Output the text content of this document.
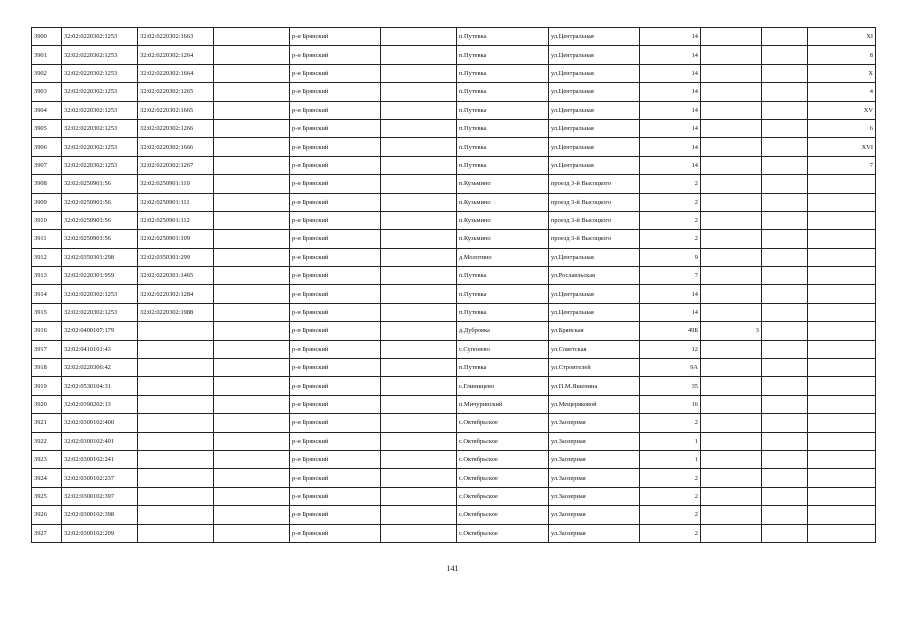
3900	32:02:0220302:1253	32:02:0220302:1663		р-н Брянский		п.Путевка	ул.Центральная	14			XI
3901	32:02:0220302:1253	32:02:0220302:1264		р-н Брянский		п.Путевка	ул.Центральная	14			8
3902	32:02:0220302:1253	32:02:0220302:1664		р-н Брянский		п.Путевка	ул.Центральная	14			X
3903	32:02:0220302:1253	32:02:0220302:1265		р-н Брянский		п.Путевка	ул.Центральная	14			4
3904	32:02:0220302:1253	32:02:0220302:1665		р-н Брянский		п.Путевка	ул.Центральная	14			XV
3905	32:02:0220302:1253	32:02:0220302:1266		р-н Брянский		п.Путевка	ул.Центральная	14			6
3906	32:02:0220302:1253	32:02:0220302:1666		р-н Брянский		п.Путевка	ул.Центральная	14			XVI
3907	32:02:0220302:1253	32:02:0220302:1267		р-н Брянский		п.Путевка	ул.Центральная	14			7
3908	32:02:0250901:56	32:02:0250901:110		р-н Брянский		п.Кузьмино	проезд 3-й Высоцкого	2			
3909	32:02:0250901:56	32:02:0250901:111		р-н Брянский		п.Кузьмино	проезд 3-й Высоцкого	2			
3910	32:02:0250901:56	32:02:0250901:112		р-н Брянский		п.Кузьмино	проезд 3-й Высоцкого	2			
3911	32:02:0250901:56	32:02:0250901:109		р-н Брянский		п.Кузьмино	проезд 3-й Высоцкого	2			
3912	32:02:0350301:298	32:02:0350301:299		р-н Брянский		д.Молотино	ул.Центральная	9			
3913	32:02:0220301:959	32:02:0220301:1465		р-н Брянский		п.Путевка	ул.Рославльская	7			
3914	32:02:0220302:1253	32:02:0220302:1284		р-н Брянский		п.Путевка	ул.Центральная	14			
3915	32:02:0220302:1253	32:02:0220302:1988		р-н Брянский		п.Путевка	ул.Центральная	14			
3916	32:02:0400107:179			р-н Брянский		д.Дубровка	ул.Брянская	49Б	3		
3917	32:02:0410101:43			р-н Брянский		с.Супонево	ул.Советская	12			
3918	32:02:0220306:42			р-н Брянский		п.Путевка	ул.Строителей	9А			
3919	32:02:0530104:31			р-н Брянский		с.Глинищево	ул.П.М.Яшенина	35			
3920	32:02:0390202:13			р-н Брянский		п.Мичуринский	ул.Мещеряковой	16			
3921	32:02:0300102:400			р-н Брянский		с.Октябрьское	ул.Заозерная	2			
3922	32:02:0300102:401			р-н Брянский		с.Октябрьское	ул.Заозерная	1			
3923	32:02:0300102:241			р-н Брянский		с.Октябрьское	ул.Заозерная	1			
3924	32:02:0300102:237			р-н Брянский		с.Октябрьское	ул.Заозерная	2			
3925	32:02:0300102:397			р-н Брянский		с.Октябрьское	ул.Заозерная	2			
3926	32:02:0300102:398			р-н Брянский		с.Октябрьское	ул.Заозерная	2			
3927	32:02:0300102:209			р-н Брянский		с.Октябрьское	ул.Заозерная	2			
141
